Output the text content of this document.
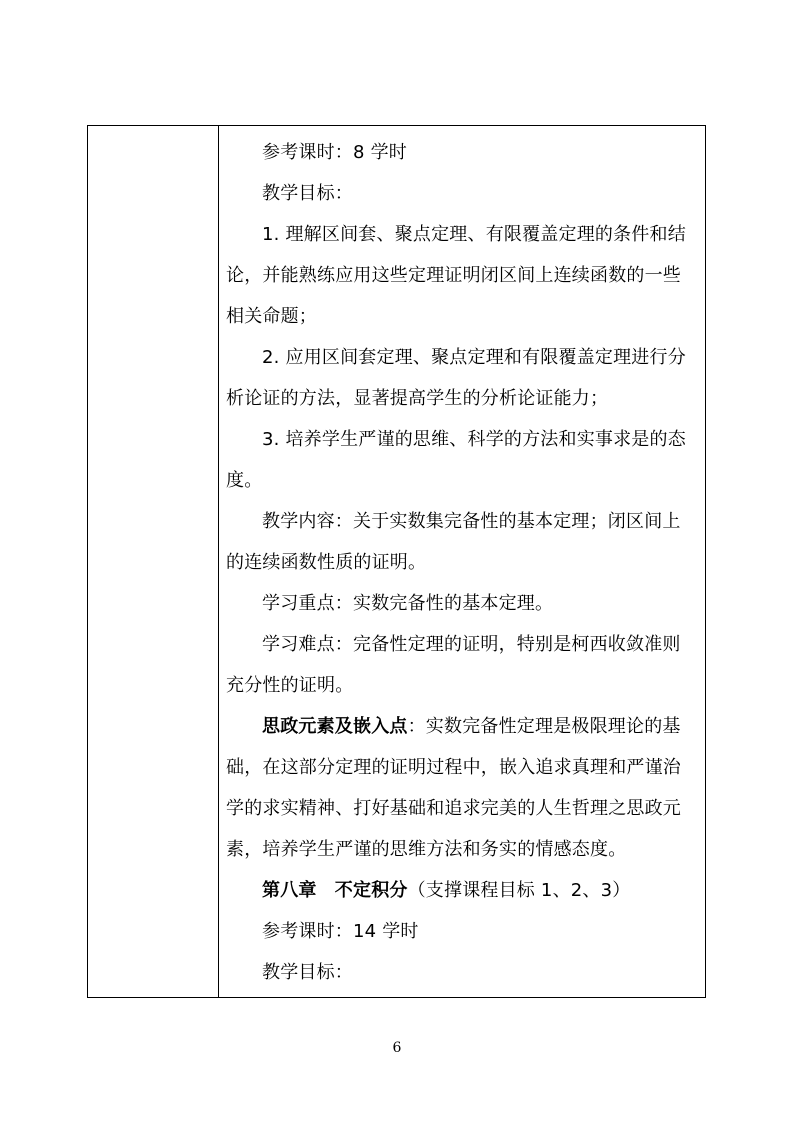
参考课时：8 学时
教学目标：
1. 理解区间套、聚点定理、有限覆盖定理的条件和结
论，并能熟练应用这些定理证明闭区间上连续函数的一些
相关命题；
2. 应用区间套定理、聚点定理和有限覆盖定理进行分
析论证的方法，显著提高学生的分析论证能力；
3. 培养学生严谨的思维、科学的方法和实事求是的态
度。
教学内容：关于实数集完备性的基本定理；闭区间上
的连续函数性质的证明。
学习重点：实数完备性的基本定理。
学习难点：完备性定理的证明，特别是柯西收敛准则
充分性的证明。
思政元素及嵌入点：实数完备性定理是极限理论的基
础，在这部分定理的证明过程中，嵌入追求真理和严谨治
学的求实精神、打好基础和追求完美的人生哲理之思政元
素，培养学生严谨的思维方法和务实的情感态度。
第八章　不定积分（支撑课程目标 1、2、3）
参考课时：14 学时
教学目标：
6
